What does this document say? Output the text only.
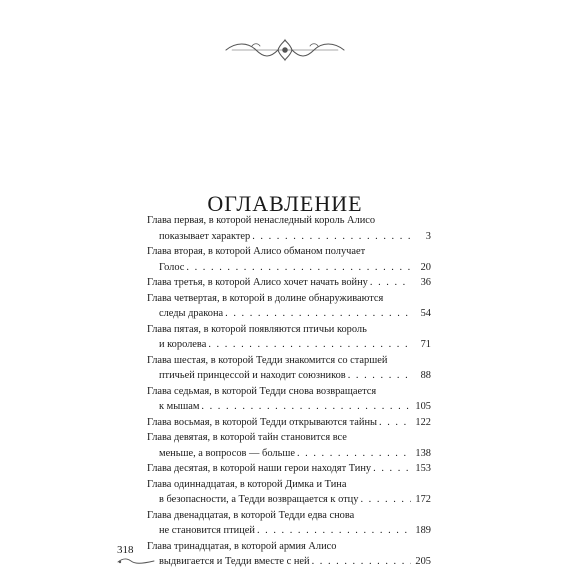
ОГЛАВЛЕНИЕ
Глава первая, в которой ненаследный король Алисо
показывает характер . . .	3
Глава вторая, в которой Алисо обманом получает
Голос . . .	20
Глава третья, в которой Алисо хочет начать войну . . .	36
Глава четвертая, в которой в долине обнаруживаются
следы дракона . . .	54
Глава пятая, в которой появляются птичьи король
и королева . . .	71
Глава шестая, в которой Тедди знакомится со старшей
птичьей принцессой и находит союзников . . .	88
Глава седьмая, в которой Тедди снова возвращается
к мышам . . .	105
Глава восьмая, в которой Тедди открываются тайны . . .	122
Глава девятая, в которой тайн становится все
меньше, а вопросов — больше . . .	138
Глава десятая, в которой наши герои находят Тину . . .	153
Глава одиннадцатая, в которой Димка и Тина
в безопасности, а Тедди возвращается к отцу . . .	172
Глава двенадцатая, в которой Тедди едва снова
не становится птицей . . .	189
Глава тринадцатая, в которой армия Алисо
выдвигается и Тедди вместе с ней . . .	205
318
